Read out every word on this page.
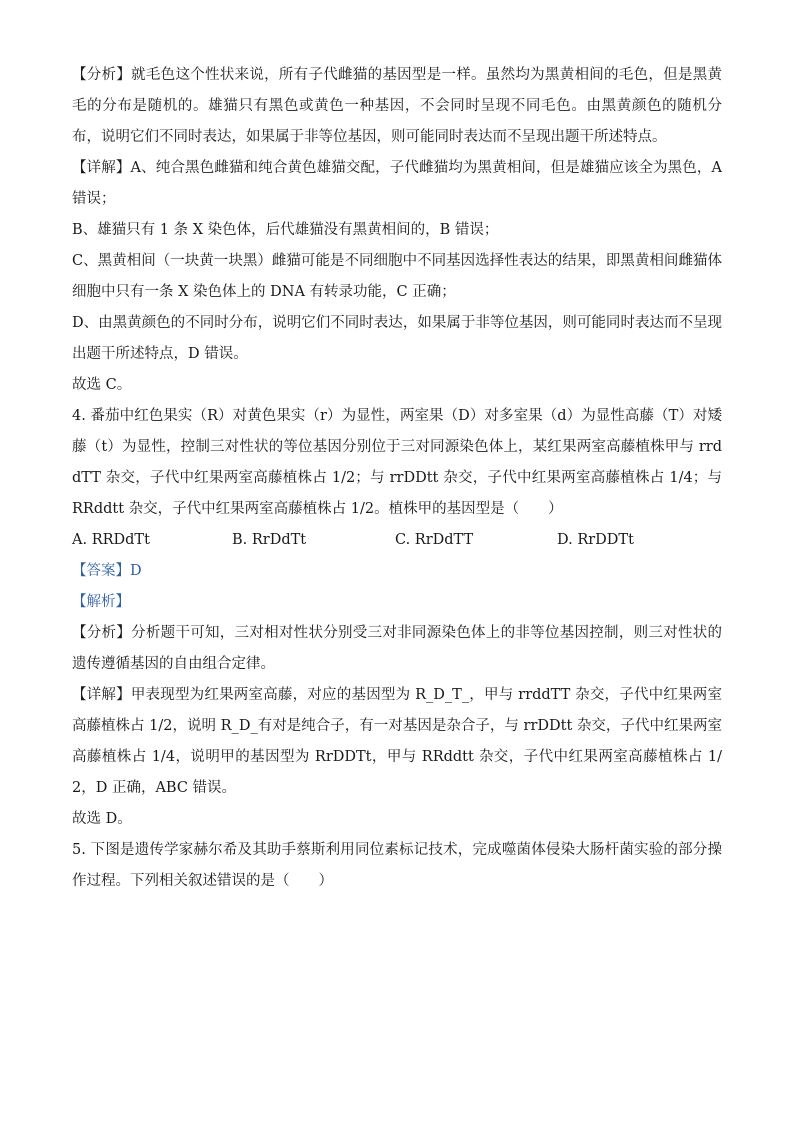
【分析】就毛色这个性状来说，所有子代雌猫的基因型是一样。虽然均为黑黄相间的毛色，但是黑黄毛的分布是随机的。雄猫只有黑色或黄色一种基因，不会同时呈现不同毛色。由黑黄颜色的随机分布，说明它们不同时表达，如果属于非等位基因，则可能同时表达而不呈现出题干所述特点。

【详解】A、纯合黑色雌猫和纯合黄色雄猫交配，子代雌猫均为黑黄相间，但是雄猫应该全为黑色，A 错误；

B、雄猫只有 1 条 X 染色体，后代雄猫没有黑黄相间的，B 错误；

C、黑黄相间（一块黄一块黑）雌猫可能是不同细胞中不同基因选择性表达的结果，即黑黄相间雌猫体细胞中只有一条 X 染色体上的 DNA 有转录功能，C 正确；

D、由黑黄颜色的不同时分布，说明它们不同时表达，如果属于非等位基因，则可能同时表达而不呈现出题干所述特点，D 错误。

故选 C。

4. 番茄中红色果实（R）对黄色果实（r）为显性，两室果（D）对多室果（d）为显性高藤（T）对矮藤（t）为显性，控制三对性状的等位基因分别位于三对同源染色体上，某红果两室高藤植株甲与 rrddTT 杂交，子代中红果两室高藤植株占 1/2；与 rrDDtt 杂交，子代中红果两室高藤植株占 1/4；与 RRddtt 杂交，子代中红果两室高藤植株占 1/2。植株甲的基因型是（　　）

A. RRDdTt	B. RrDdTt	C. RrDdTT	D. RrDDTt

【答案】D

【解析】

【分析】分析题干可知，三对相对性状分别受三对非同源染色体上的非等位基因控制，则三对性状的遗传遵循基因的自由组合定律。

【详解】甲表现型为红果两室高藤，对应的基因型为 R_D_T_，甲与 rrddTT 杂交，子代中红果两室高藤植株占 1/2，说明 R_D_有对是纯合子，有一对基因是杂合子，与 rrDDtt 杂交，子代中红果两室高藤植株占 1/4，说明甲的基因型为 RrDDTt，甲与 RRddtt 杂交，子代中红果两室高藤植株占 1/2，D 正确，ABC 错误。

故选 D。

5. 下图是遗传学家赫尔希及其助手蔡斯利用同位素标记技术，完成噬菌体侵染大肠杆菌实验的部分操作过程。下列相关叙述错误的是（　　）
